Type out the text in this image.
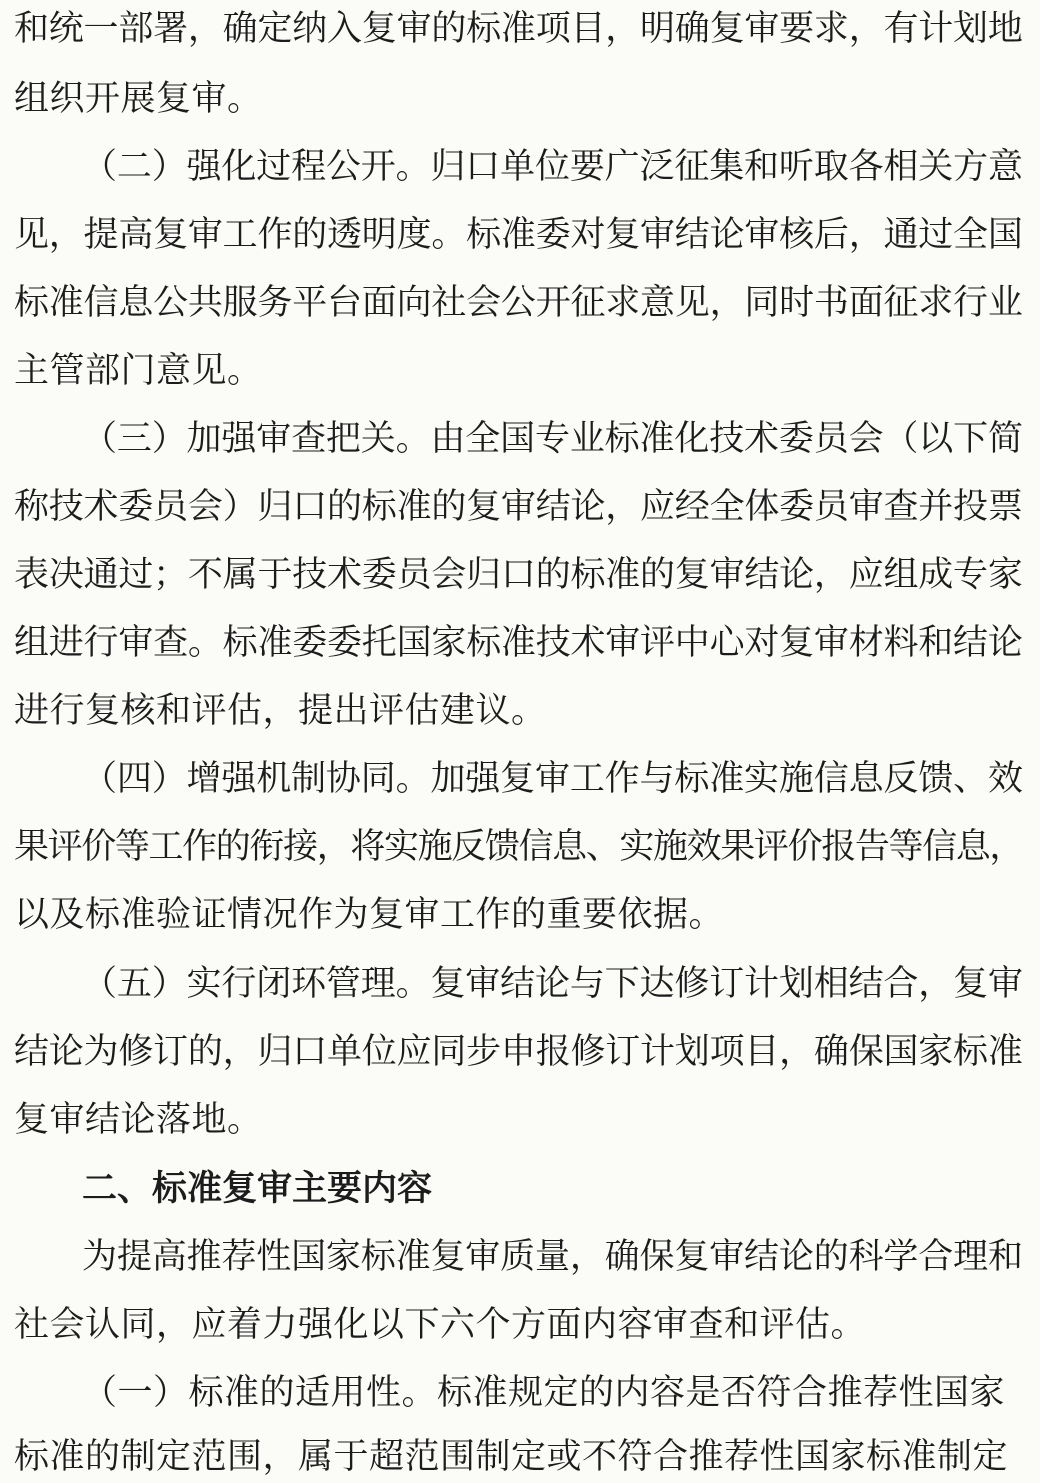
和统一部署，确定纳入复审的标准项目，明确复审要求，有计划地
组织开展复审。
（二）强化过程公开。归口单位要广泛征集和听取各相关方意
见，提高复审工作的透明度。标准委对复审结论审核后，通过全国
标准信息公共服务平台面向社会公开征求意见，同时书面征求行业
主管部门意见。
（三）加强审查把关。由全国专业标准化技术委员会（以下简
称技术委员会）归口的标准的复审结论，应经全体委员审查并投票
表决通过；不属于技术委员会归口的标准的复审结论，应组成专家
组进行审查。标准委委托国家标准技术审评中心对复审材料和结论
进行复核和评估，提出评估建议。
（四）增强机制协同。加强复审工作与标准实施信息反馈、效
果评价等工作的衔接，将实施反馈信息、实施效果评价报告等信息，
以及标准验证情况作为复审工作的重要依据。
（五）实行闭环管理。复审结论与下达修订计划相结合，复审
结论为修订的，归口单位应同步申报修订计划项目，确保国家标准
复审结论落地。
二、标准复审主要内容
为提高推荐性国家标准复审质量，确保复审结论的科学合理和
社会认同，应着力强化以下六个方面内容审查和评估。
（一）标准的适用性。标准规定的内容是否符合推荐性国家
标准的制定范围，属于超范围制定或不符合推荐性国家标准制定
